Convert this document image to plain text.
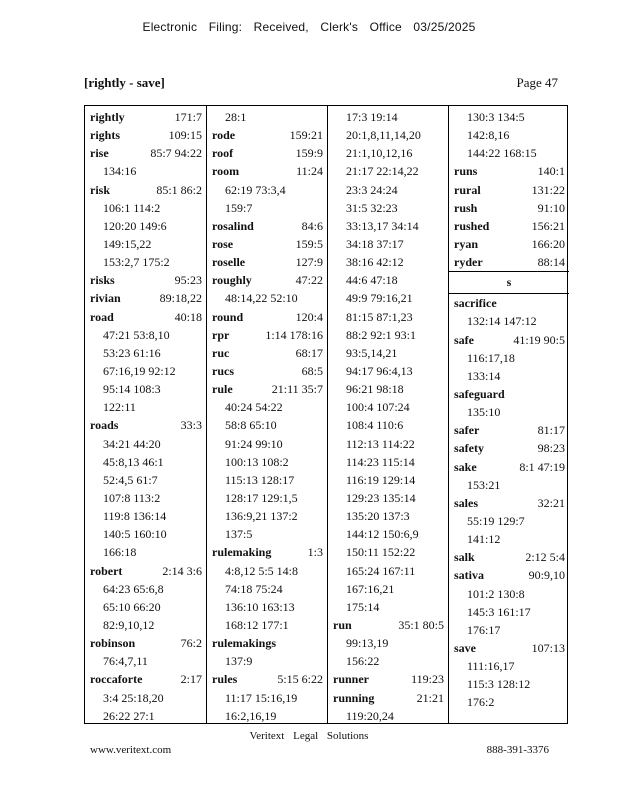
Electronic Filing: Received, Clerk's Office 03/25/2025
[rightly - save]	Page 47
rightly	171:7
rights	109:15
rise	85:7 94:22
134:16
risk	85:1 86:2
106:1 114:2
120:20 149:6
149:15,22
153:2,7 175:2
risks	95:23
rivian	89:18,22
road	40:18
47:21 53:8,10
53:23 61:16
67:16,19 92:12
95:14 108:3
122:11
roads	33:3
34:21 44:20
45:8,13 46:1
52:4,5 61:7
107:8 113:2
119:8 136:14
140:5 160:10
166:18
robert	2:14 3:6
64:23 65:6,8
65:10 66:20
82:9,10,12
robinson	76:2
76:4,7,11
roccaforte	2:17
3:4 25:18,20
26:22 27:1
28:1
rode	159:21
roof	159:9
room	11:24
62:19 73:3,4
159:7
rosalind	84:6
rose	159:5
roselle	127:9
roughly	47:22
48:14,22 52:10
round	120:4
rpr	1:14 178:16
ruc	68:17
rucs	68:5
rule	21:11 35:7
40:24 54:22
58:8 65:10
91:24 99:10
100:13 108:2
115:13 128:17
128:17 129:1,5
136:9,21 137:2
137:5
rulemaking	1:3
4:8,12 5:5 14:8
74:18 75:24
136:10 163:13
168:12 177:1
rulemakings
137:9
rules	5:15 6:22
11:17 15:16,19
16:2,16,19
17:3 19:14
20:1,8,11,14,20
21:1,10,12,16
21:17 22:14,22
23:3 24:24
31:5 32:23
33:13,17 34:14
34:18 37:17
38:16 42:12
44:6 47:18
49:9 79:16,21
81:15 87:1,23
88:2 92:1 93:1
93:5,14,21
94:17 96:4,13
96:21 98:18
100:4 107:24
108:4 110:6
112:13 114:22
114:23 115:14
116:19 129:14
129:23 135:14
135:20 137:3
144:12 150:6,9
150:11 152:22
165:24 167:11
167:16,21
175:14
run	35:1 80:5
99:13,19
156:22
runner	119:23
running	21:21
119:20,24
130:3 134:5
142:8,16
144:22 168:15
runs	140:1
rural	131:22
rush	91:10
rushed	156:21
ryan	166:20
ryder	88:14
s
sacrifice
132:14 147:12
safe	41:19 90:5
116:17,18
133:14
safeguard
135:10
safer	81:17
safety	98:23
sake	8:1 47:19
153:21
sales	32:21
55:19 129:7
141:12
salk	2:12 5:4
sativa	90:9,10
101:2 130:8
145:3 161:17
176:17
save	107:13
111:16,17
115:3 128:12
176:2
Veritext Legal Solutions
www.veritext.com	888-391-3376
